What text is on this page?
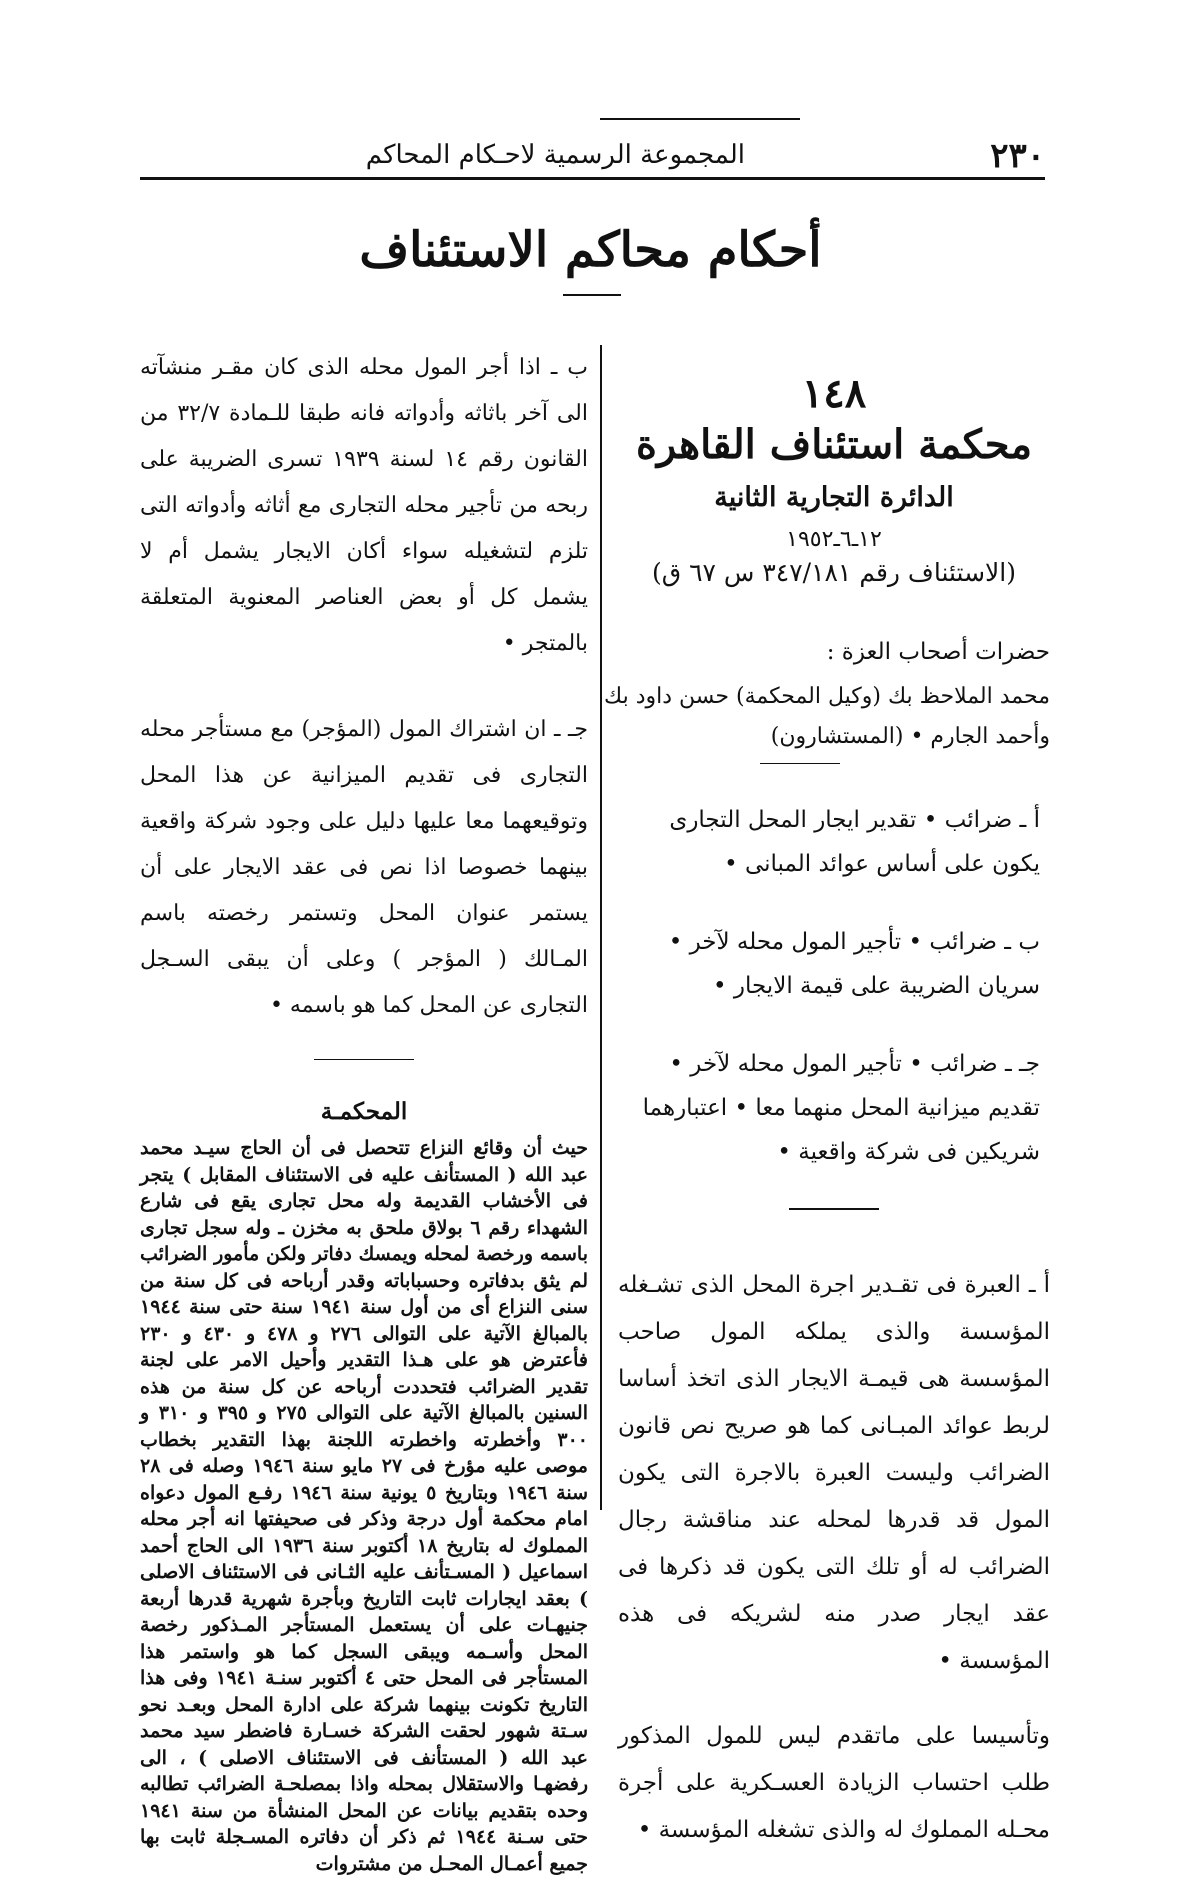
٢٣٠
المجموعة الرسمية لاحـكام المحاكم
أحكام محاكم الاستئناف
١٤٨
محكمة استئناف القاهرة
الدائرة التجارية الثانية
١٢ـ٦ـ١٩٥٢
(الاستئناف رقم ٣٤٧/١٨١ س ٦٧ ق)
حضرات أصحاب العزة :
محمد الملاحظ بك (وكيل المحكمة) حسن داود بك
وأحمد الجارم • (المستشارون)

أ ـ ضرائب • تقدير ايجار المحل التجارى يكون على أساس عوائد المبانى •

ب ـ ضرائب • تأجير المول محله لآخر • سريان الضريبة على قيمة الايجار •

جـ ـ ضرائب • تأجير المول محله لآخر • تقديم ميزانية المحل منهما معا • اعتبارهما شريكين فى شركة واقعية •

أ ـ العبرة فى تقـدير اجرة المحل الذى تشـغله المؤسسة والذى يملكه المول صاحب المؤسسة هى قيمـة الايجار الذى اتخذ أساسا لربط عوائد المبـانى كما هو صريح نص قانون الضرائب وليست العبرة بالاجرة التى يكون المول قد قدرها لمحله عند مناقشة رجال الضرائب له أو تلك التى يكون قد ذكرها فى عقد ايجار صدر منه لشريكه فى هذه المؤسسة •

وتأسيسا على ماتقدم ليس للمول المذكور طلب احتساب الزيادة العسـكرية على أجرة محـله المملوك له والذى تشغله المؤسسة •

ب ـ اذا أجر المول محله الذى كان مقـر منشآته الى آخر باثاثه وأدواته فانه طبقا للـمادة ٣٢/٧ من القانون رقم ١٤ لسنة ١٩٣٩ تسرى الضريبة على ربحه من تأجير محله التجارى مع أثاثه وأدواته التى تلزم لتشغيله سواء أكان الايجار يشمل أم لا يشمل كل أو بعض العناصر المعنوية المتعلقة بالمتجر •

جـ ـ ان اشتراك المول (المؤجر) مع مستأجر محله التجارى فى تقديم الميزانية عن هذا المحل وتوقيعهما معا عليها دليل على وجود شركة واقعية بينهما خصوصا اذا نص فى عقد الايجار على أن يستمر عنوان المحل وتستمر رخصته باسم المـالك ( المؤجر ) وعلى أن يبقى السـجل التجارى عن المحل كما هو باسمه •

المحكمـة

حيث أن وقائع النزاع تتحصل فى أن الحاج سيـد محمد عبد الله ( المستأنف عليه فى الاستئناف المقابل ) يتجر فى الأخشاب القديمة وله محل تجارى يقع فى شارع الشهداء رقم ٦ بولاق ملحق به مخزن ـ وله سجل تجارى باسمه ورخصة لمحله ويمسك دفاتر ولكن مأمور الضرائب لم يثق بدفاتره وحسباباته وقدر أرباحه فى كل سنة من سنى النزاع أى من أول سنة ١٩٤١ سنة حتى سنة ١٩٤٤ بالمبالغ الآتية على التوالى ٢٧٦ و ٤٧٨ و ٤٣٠ و ٢٣٠ فأعترض هو على هـذا التقدير وأحيل الامر على لجنة تقدير الضرائب فتحددت أرباحه عن كل سنة من هذه السنين بالمبالغ الآتية على التوالى ٢٧٥ و ٣٩٥ و ٣١٠ و ٣٠٠ وأخطرته واخطرته اللجنة بهذا التقدير بخطاب موصى عليه مؤرخ فى ٢٧ مايو سنة ١٩٤٦ وصله فى ٢٨ سنة ١٩٤٦ وبتاريخ ٥ يونية سنة ١٩٤٦ رفـع المول دعواه امام محكمة أول درجة وذكر فى صحيفتها انه أجر محله المملوك له بتاريخ ١٨ أكتوبر سنة ١٩٣٦ الى الحاج أحمد اسماعيل ( المسـتأنف عليه الثـانى فى الاستئناف الاصلى ) بعقد ايجارات ثابت التاريخ وبأجرة شهرية قدرها أربعة جنيهـات على أن يستعمل المستأجر المـذكور رخصة المحل وأسـمه ويبقى السجل كما هو واستمر هذا المستأجر فى المحل حتى ٤ أكتوبر سنـة ١٩٤١ وفى هذا التاريخ تكونت بينهما شركة على ادارة المحل وبعـد نحو سـتة شهور لحقت الشركة خسـارة فاضطر سيد محمد عبد الله ( المستأنف فى الاستئناف الاصلى ) ، الى رفضهـا والاستقلال بمحله واذا بمصلحـة الضرائب تطالبه وحده بتقديم بيانات عن المحل المنشأة من سنة ١٩٤١ حتى سـنة ١٩٤٤ ثم ذكر أن دفاتره المسـجلة ثابت بها جميع أعمـال المحـل من مشتروات
